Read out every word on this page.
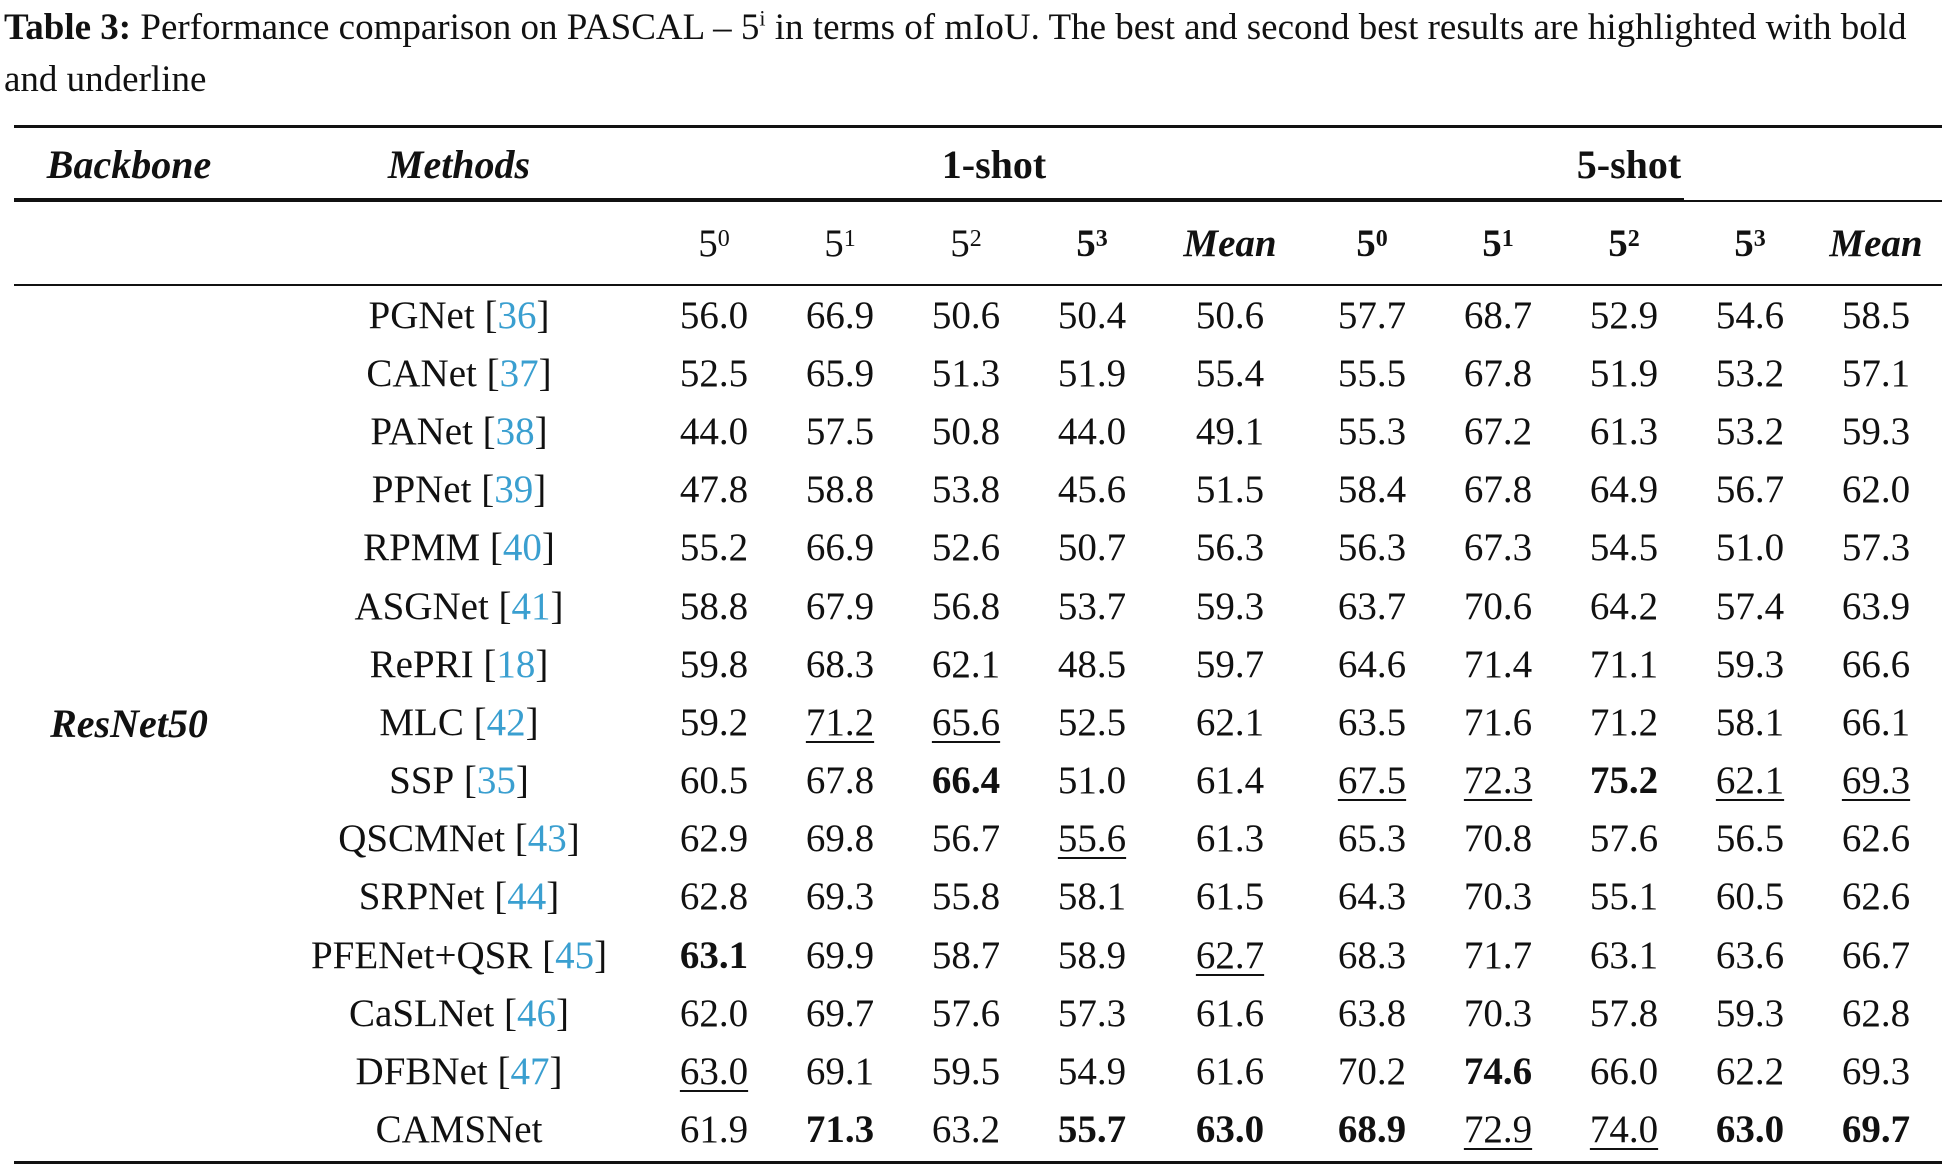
Table 3: Performance comparison on PASCAL – 5$^i$ in terms of mIoU. The best and second best results are highlighted with bold and underline
Backbone	Methods	1-shot	5-shot
$5^0$ $5^1$ $5^2$ $5^3$	Mean	$5^0$ $5^1$ $5^2$ $5^3$	Mean
ResNet50
PGNet [ 36 ]	56.0 66.9 50.6 50.4 50.6 57.7 68.7 52.9 54.6 58.5
CANet [ 37 ]	52.5 65.9 51.3 51.9 55.4 55.5 67.8 51.9 53.2 57.1
PANet [ 38 ]	44.0 57.5 50.8 44.0 49.1 55.3 67.2 61.3 53.2 59.3
PPNet [ 39 ]	47.8 58.8 53.8 45.6 51.5 58.4 67.8 64.9 56.7 62.0
RPMM [ 40 ]	55.2 66.9 52.6 50.7 56.3 56.3 67.3 54.5 51.0 57.3
ASGNet [ 41 ]	58.8 67.9 56.8 53.7 59.3 63.7 70.6 64.2 57.4 63.9
RePRI [ 18 ]	59.8 68.3 62.1 48.5 59.7 64.6 71.4 71.1 59.3 66.6
MLC [ 42 ]	59.2 71.2 65.6 52.5 62.1 63.5 71.6 71.2 58.1 66.1
SSP [ 35 ]	60.5 67.8 66.4 51.0 61.4 67.5 72.3 75.2 62.1 69.3
QSCMNet [ 43 ]	62.9 69.8 56.7 55.6 61.3 65.3 70.8 57.6 56.5 62.6
SRPNet [ 44 ]	62.8 69.3 55.8 58.1 61.5 64.3 70.3 55.1 60.5 62.6
PFENet+QSR [ 45 ] 63.1 69.9 58.7 58.9 62.7 68.3 71.7 63.1 63.6 66.7
CaSLNet [ 46 ]	62.0 69.7 57.6 57.3 61.6 63.8 70.3 57.8 59.3 62.8
DFBNet [ 47 ]	63.0 69.1 59.5 54.9 61.6 70.2 74.6 66.0 62.2 69.3
CAMSNet	61.9 71.3 63.2 55.7 63.0 68.9 72.9 74.0 63.0 69.7
